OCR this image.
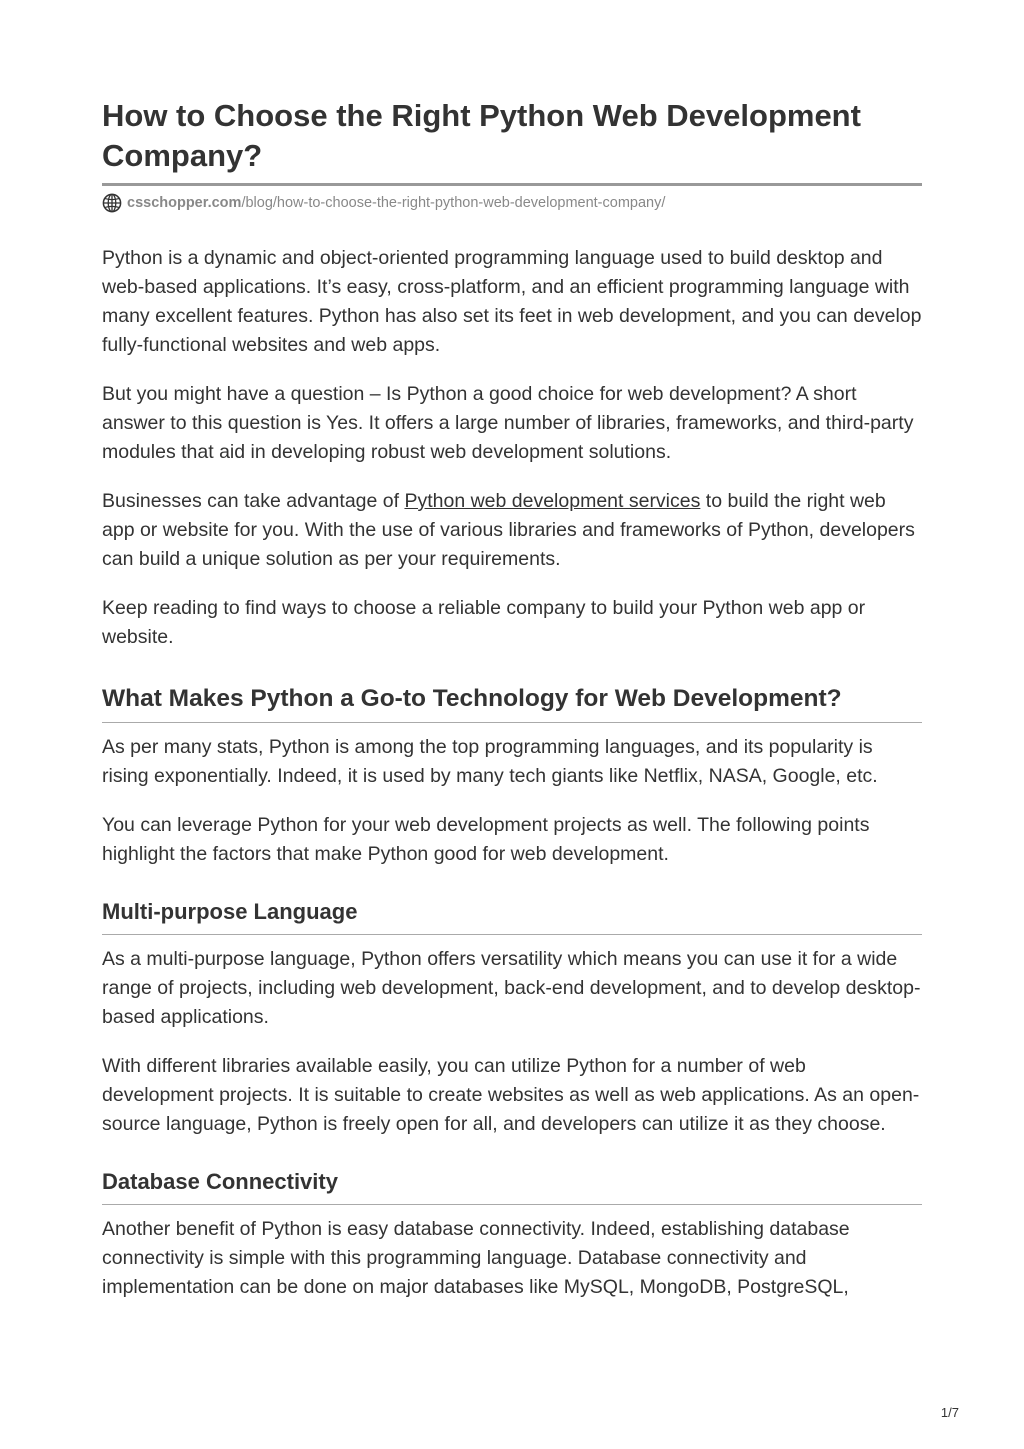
How to Choose the Right Python Web Development Company?
csschopper.com /blog/how-to-choose-the-right-python-web-development-company/

Python is a dynamic and object-oriented programming language used to build desktop and web-based applications. It’s easy, cross-platform, and an efficient programming language with many excellent features. Python has also set its feet in web development, and you can develop fully-functional websites and web apps.

But you might have a question – Is Python a good choice for web development? A short answer to this question is Yes. It offers a large number of libraries, frameworks, and third-party modules that aid in developing robust web development solutions.

Businesses can take advantage of Python web development services to build the right web app or website for you. With the use of various libraries and frameworks of Python, developers can build a unique solution as per your requirements.

Keep reading to find ways to choose a reliable company to build your Python web app or website.

What Makes Python a Go-to Technology for Web Development?

As per many stats, Python is among the top programming languages, and its popularity is rising exponentially. Indeed, it is used by many tech giants like Netflix, NASA, Google, etc.

You can leverage Python for your web development projects as well. The following points highlight the factors that make Python good for web development.

Multi-purpose Language

As a multi-purpose language, Python offers versatility which means you can use it for a wide range of projects, including web development, back-end development, and to develop desktop-based applications.

With different libraries available easily, you can utilize Python for a number of web development projects. It is suitable to create websites as well as web applications. As an open-source language, Python is freely open for all, and developers can utilize it as they choose.

Database Connectivity

Another benefit of Python is easy database connectivity. Indeed, establishing database connectivity is simple with this programming language. Database connectivity and implementation can be done on major databases like MySQL, MongoDB, PostgreSQL,

1/7
